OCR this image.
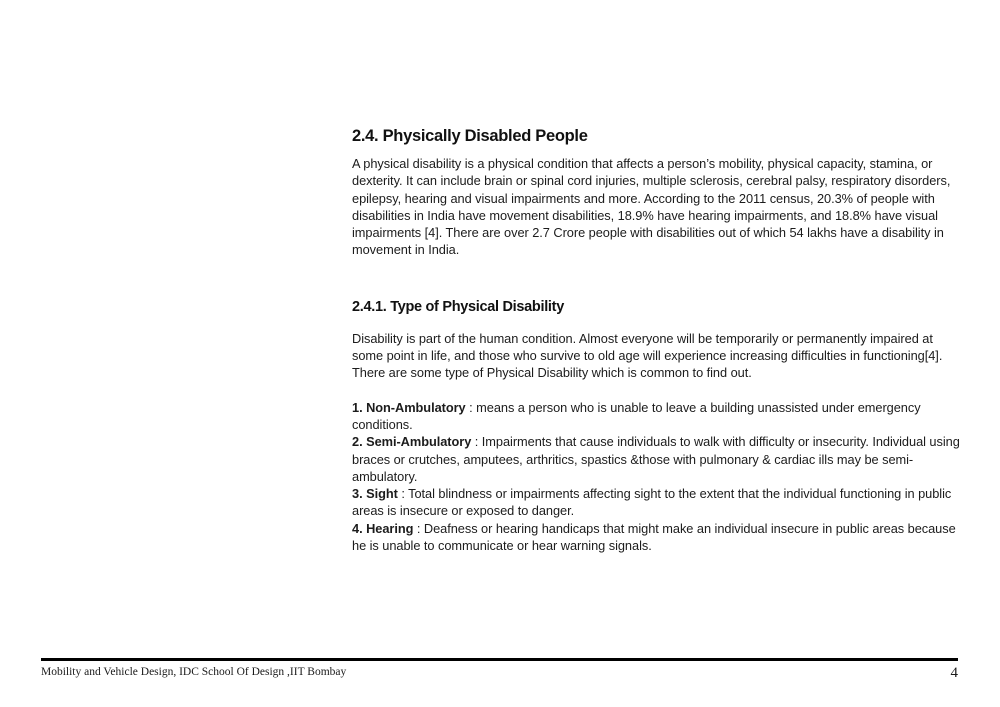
2.4. Physically Disabled People

A physical disability is a physical condition that affects a person’s mobility, physical capacity, stamina, or dexterity. It can include brain or spinal cord injuries, multiple sclerosis, cerebral palsy, respiratory disorders, epilepsy, hearing and visual impairments and more. According to the 2011 census, 20.3% of people with disabilities in India have movement disabilities, 18.9% have hearing impairments, and 18.8% have visual impairments [4]. There are over 2.7 Crore people with disabilities out of which 54 lakhs have a disability in movement in India.

2.4.1. Type of Physical Disability

Disability is part of the human condition. Almost everyone will be temporarily or permanently impaired at some point in life, and those who survive to old age will experience increasing difficulties in functioning[4]. There are some type of Physical Disability which is common to find out.

1. Non-Ambulatory : means a person who is unable to leave a building unassisted under emergency conditions.
2. Semi-Ambulatory : Impairments that cause individuals to walk with difficulty or insecurity. Individual using braces or crutches, amputees, arthritics, spastics &those with pulmonary & cardiac ills may be semi-ambulatory.
3. Sight : Total blindness or impairments affecting sight to the extent that the individual functioning in public areas is insecure or exposed to danger.
4. Hearing : Deafness or hearing handicaps that might make an individual insecure in public areas because he is unable to communicate or hear warning signals.
Mobility and Vehicle Design, IDC School Of Design ,IIT Bombay	4
